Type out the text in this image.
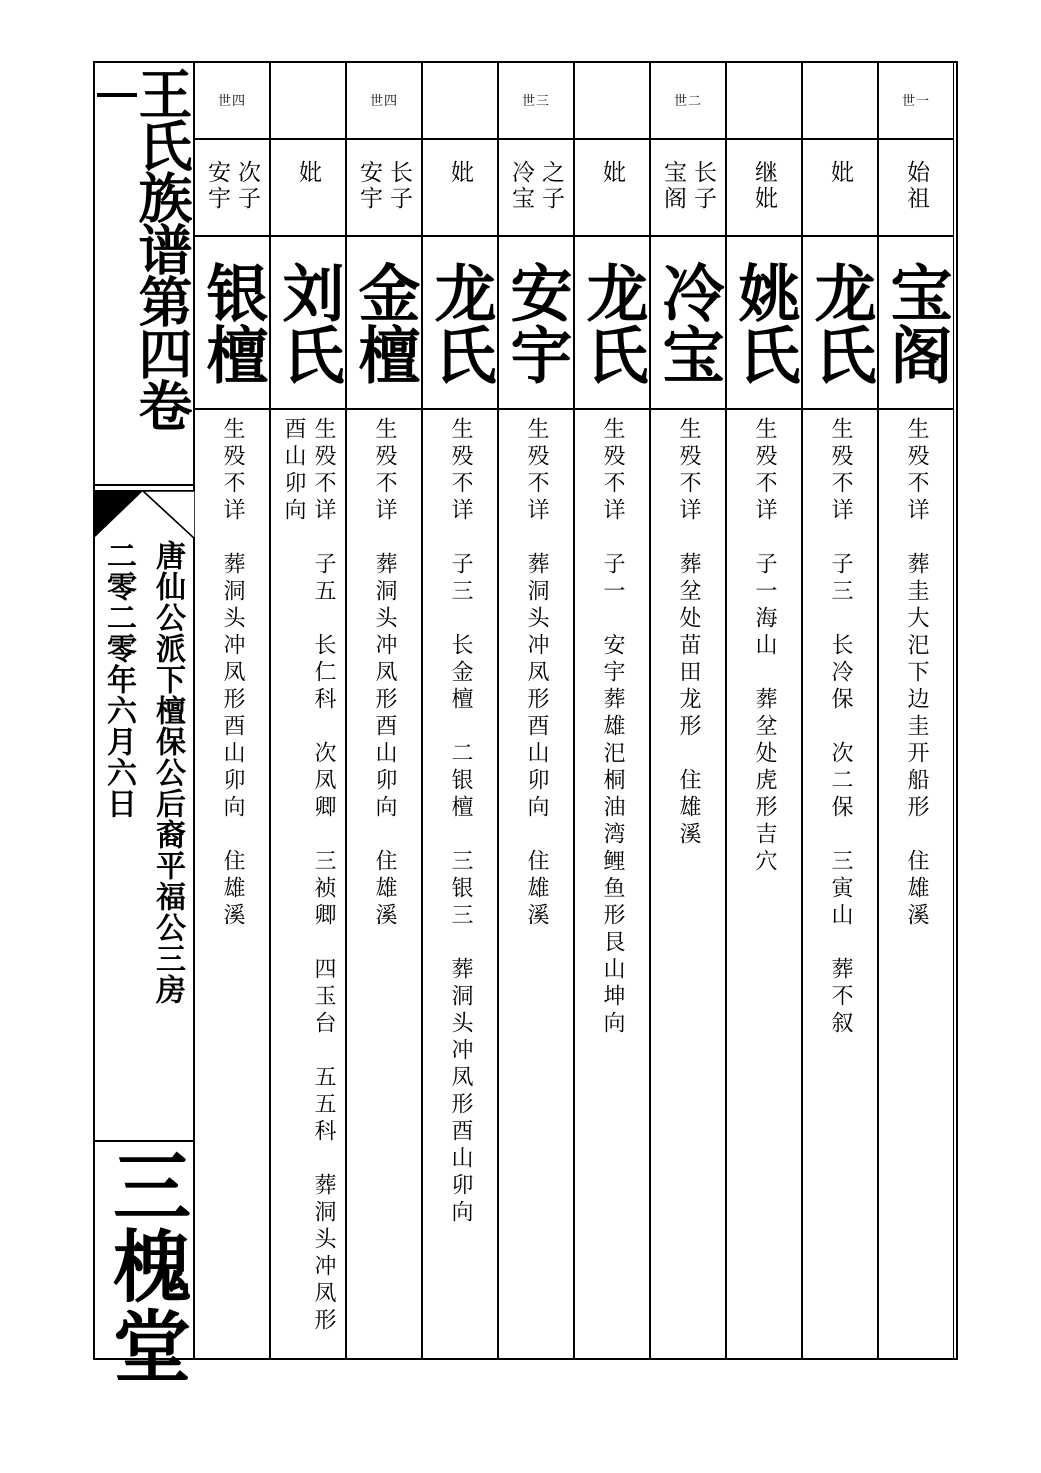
王氏族谱第四卷
唐仙公派下檀保公后裔平福公三房
二零二零年六月六日
三槐堂
世四
次子 安宇
银檀
生殁不详　葬洞头冲凤形酉山卯向　住雄溪
妣
刘氏
生殁不详　子五　长仁科　次凤卿　三祯卿　四玉台　五五科　葬洞头冲凤形酉山卯向
世四
长子 安宇
金檀
生殁不详　葬洞头冲凤形酉山卯向　住雄溪
妣
龙氏
生殁不详　子三　长金檀　二银檀　三银三　葬洞头冲凤形酉山卯向
世三
之子 冷宝
安宇
生殁不详　葬洞头冲凤形酉山卯向　住雄溪
妣
龙氏
生殁不详　子一　安宇葬雄汜桐油湾鲤鱼形艮山坤向
世二
长子 宝阁
冷宝
生殁不详　葬坌处苗田龙形　住雄溪
继妣
姚氏
生殁不详　子一海山　葬坌处虎形吉穴
妣
龙氏
生殁不详　子三　长冷保　次二保　三寅山　葬不叙
世一
始祖
宝阁
生殁不详　葬圭大汜下边圭开船形　住雄溪
